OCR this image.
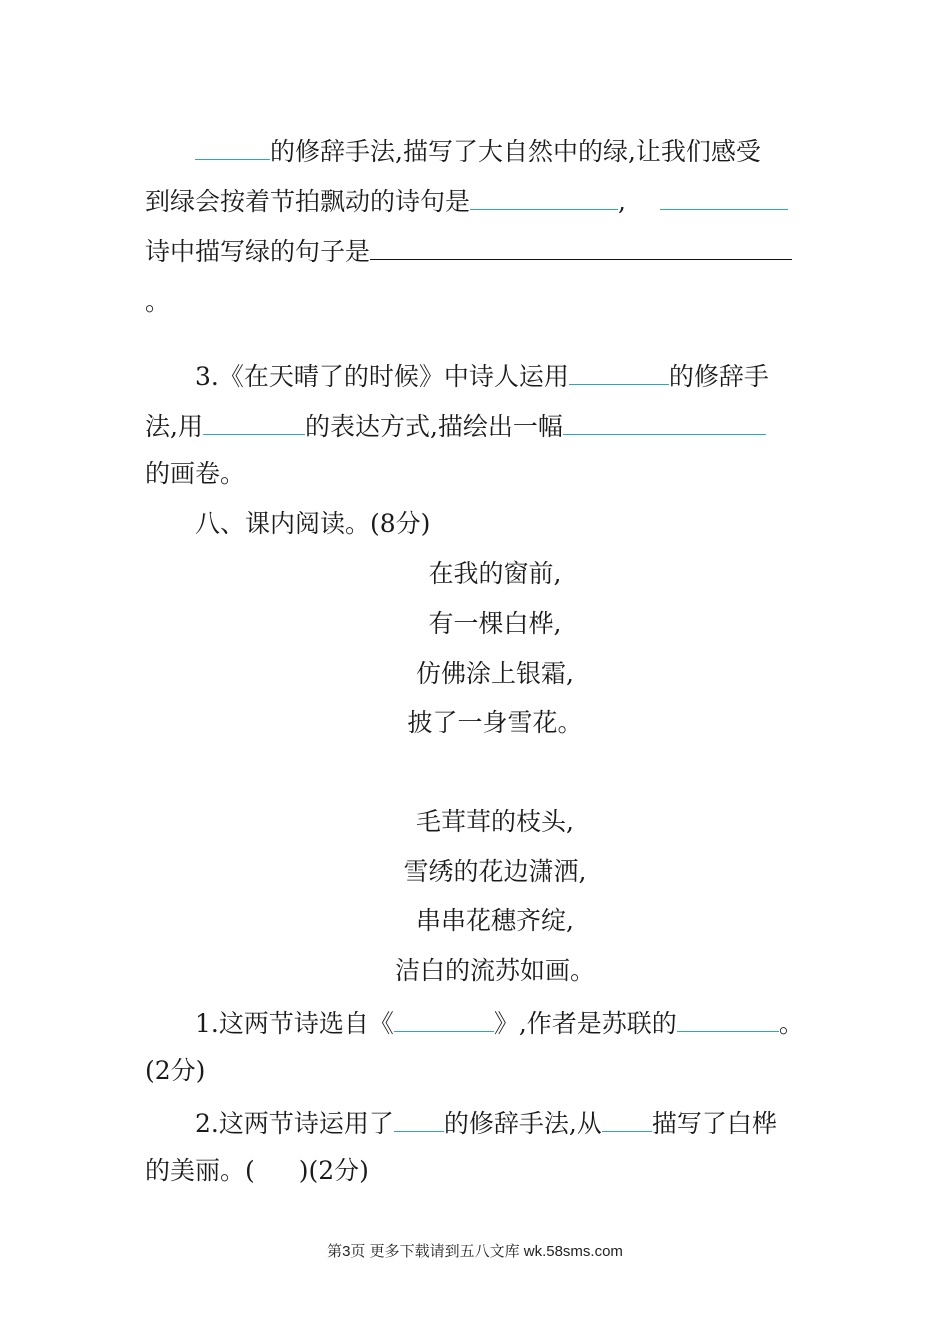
的修辞手法,描写了大自然中的绿,让我们感受
到绿会按着节拍飘动的诗句是	,
诗中描写绿的句子是
。
3.《在天晴了的时候》中诗人运用	的修辞手
法,用	的表达方式,描绘出一幅
的画卷。
八、课内阅读。(8分)
在我的窗前,
有一棵白桦,
仿佛涂上银霜,
披了一身雪花。
毛茸茸的枝头,
雪绣的花边潇洒,
串串花穗齐绽,
洁白的流苏如画。
1.这两节诗选自《	》,作者是苏联的	。
(2分)
2.这两节诗运用了 的修辞手法,从 描写了白桦
的美丽。( )(2分)
第3页 更多下载请到五八文库 wk.58sms.com
